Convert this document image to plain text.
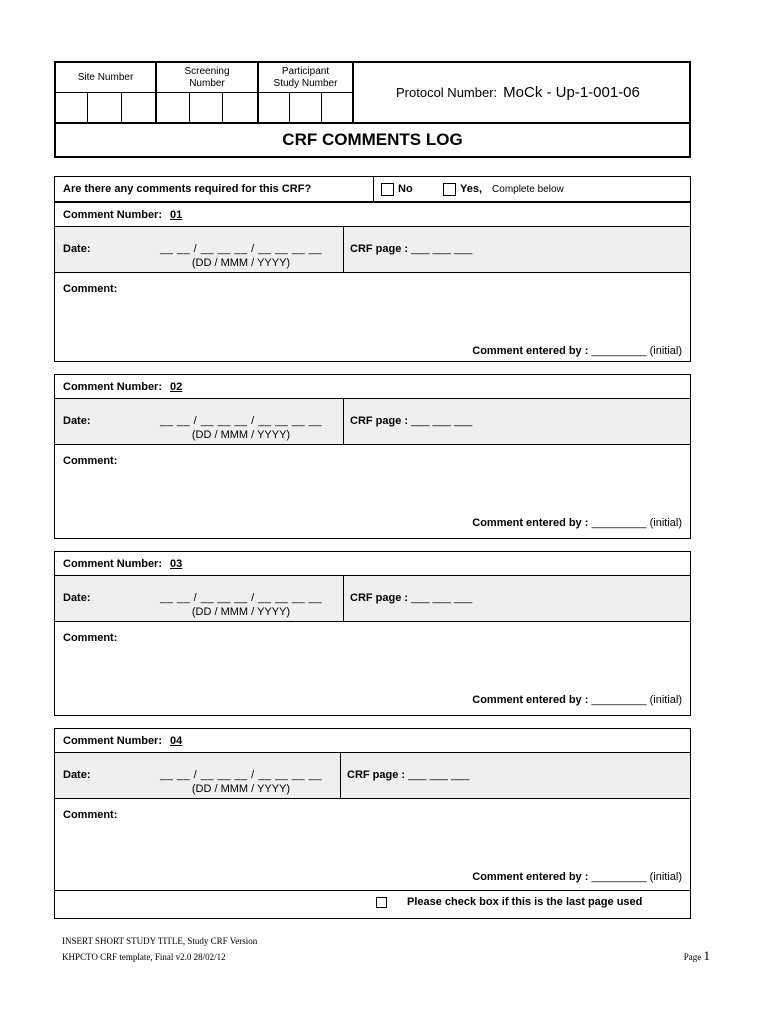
Site Number
Screening
Number
Participant
Study Number
Protocol Number: MoCk - Up-1-001-06
CRF COMMENTS LOG
Are there any comments required for this CRF?	No	Yes, Complete below
Comment Number: 01
Date:	__ __ / __ __ __ / __ __ __ __
(DD / MMM / YYYY)
CRF page : ___ ___ ___
Comment:
Comment entered by : _________ (initial)
Comment Number: 02
Date:	__ __ / __ __ __ / __ __ __ __
(DD / MMM / YYYY)
CRF page : ___ ___ ___
Comment:
Comment entered by : _________ (initial)
Comment Number: 03
Date:	__ __ / __ __ __ / __ __ __ __
(DD / MMM / YYYY)
CRF page : ___ ___ ___
Comment:
Comment entered by : _________ (initial)
Comment Number: 04
Date:	__ __ / __ __ __ / __ __ __ __
(DD / MMM / YYYY)
CRF page : ___ ___ ___
Comment:
Comment entered by : _________ (initial)
Please check box if this is the last page used
INSERT SHORT STUDY TITLE, Study CRF Version
KHPCTO CRF template, Final v2.0 28/02/12	Page 1
